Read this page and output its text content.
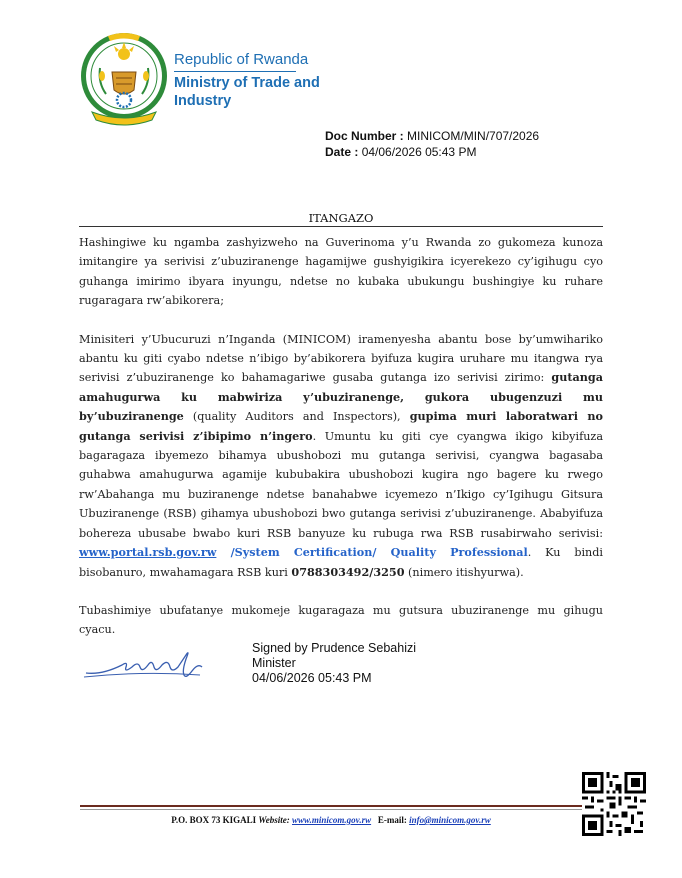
Republic of Rwanda
Ministry of Trade and Industry
Doc Number : MINICOM/MIN/707/2026
Date : 04/06/2026 05:43 PM
ITANGAZO

Hashingiwe ku ngamba zashyizweho na Guverinoma y’u Rwanda zo gukomeza kunoza imitangire ya serivisi z’ubuziranenge hagamijwe gushyigikira icyerekezo cy’igihugu cyo guhanga imirimo ibyara inyungu, ndetse no kubaka ubukungu bushingiye ku ruhare rugaragara rw’abikorera;

Minisiteri y’Ubucuruzi n’Inganda (MINICOM) iramenyesha abantu bose by’umwihariko abantu ku giti cyabo ndetse n’ibigo by’abikorera byifuza kugira uruhare mu itangwa rya serivisi z’ubuziranenge ko bahamagariwe gusaba gutanga izo serivisi zirimo: gutanga amahugurwa ku mabwiriza y’ubuziranenge, gukora ubugenzuzi mu by’ubuziranenge (quality Auditors and Inspectors), gupima muri laboratwari no gutanga serivisi z’ibipimo n’ingero. Umuntu ku giti cye cyangwa ikigo kibyifuza bagaragaza ibyemezo bihamya ubushobozi mu gutanga serivisi, cyangwa bagasaba guhabwa amahugurwa agamije kububakira ubushobozi kugira ngo bagere ku rwego rw’Abahanga mu buziranenge ndetse banahabwe icyemezo n’Ikigo cy’Igihugu Gitsura Ubuziranenge (RSB) gihamya ubushobozi bwo gutanga serivisi z’ubuziranenge. Ababyifuza bohereza ubusabe bwabo kuri RSB banyuze ku rubuga rwa RSB rusabirwaho serivisi: www.portal.rsb.gov.rw /System Certification/ Quality Professional. Ku bindi bisobanuro, mwahamagara RSB kuri 0788303492/3250 (nimero itishyurwa).

Tubashimiye ubufatanye mukomeje kugaragaza mu gutsura ubuziranenge mu gihugu cyacu.

Signed by Prudence Sebahizi
Minister
04/06/2026 05:43 PM
P.O. BOX 73 KIGALI Website: www.minicom.gov.rw E-mail: info@minicom.gov.rw
